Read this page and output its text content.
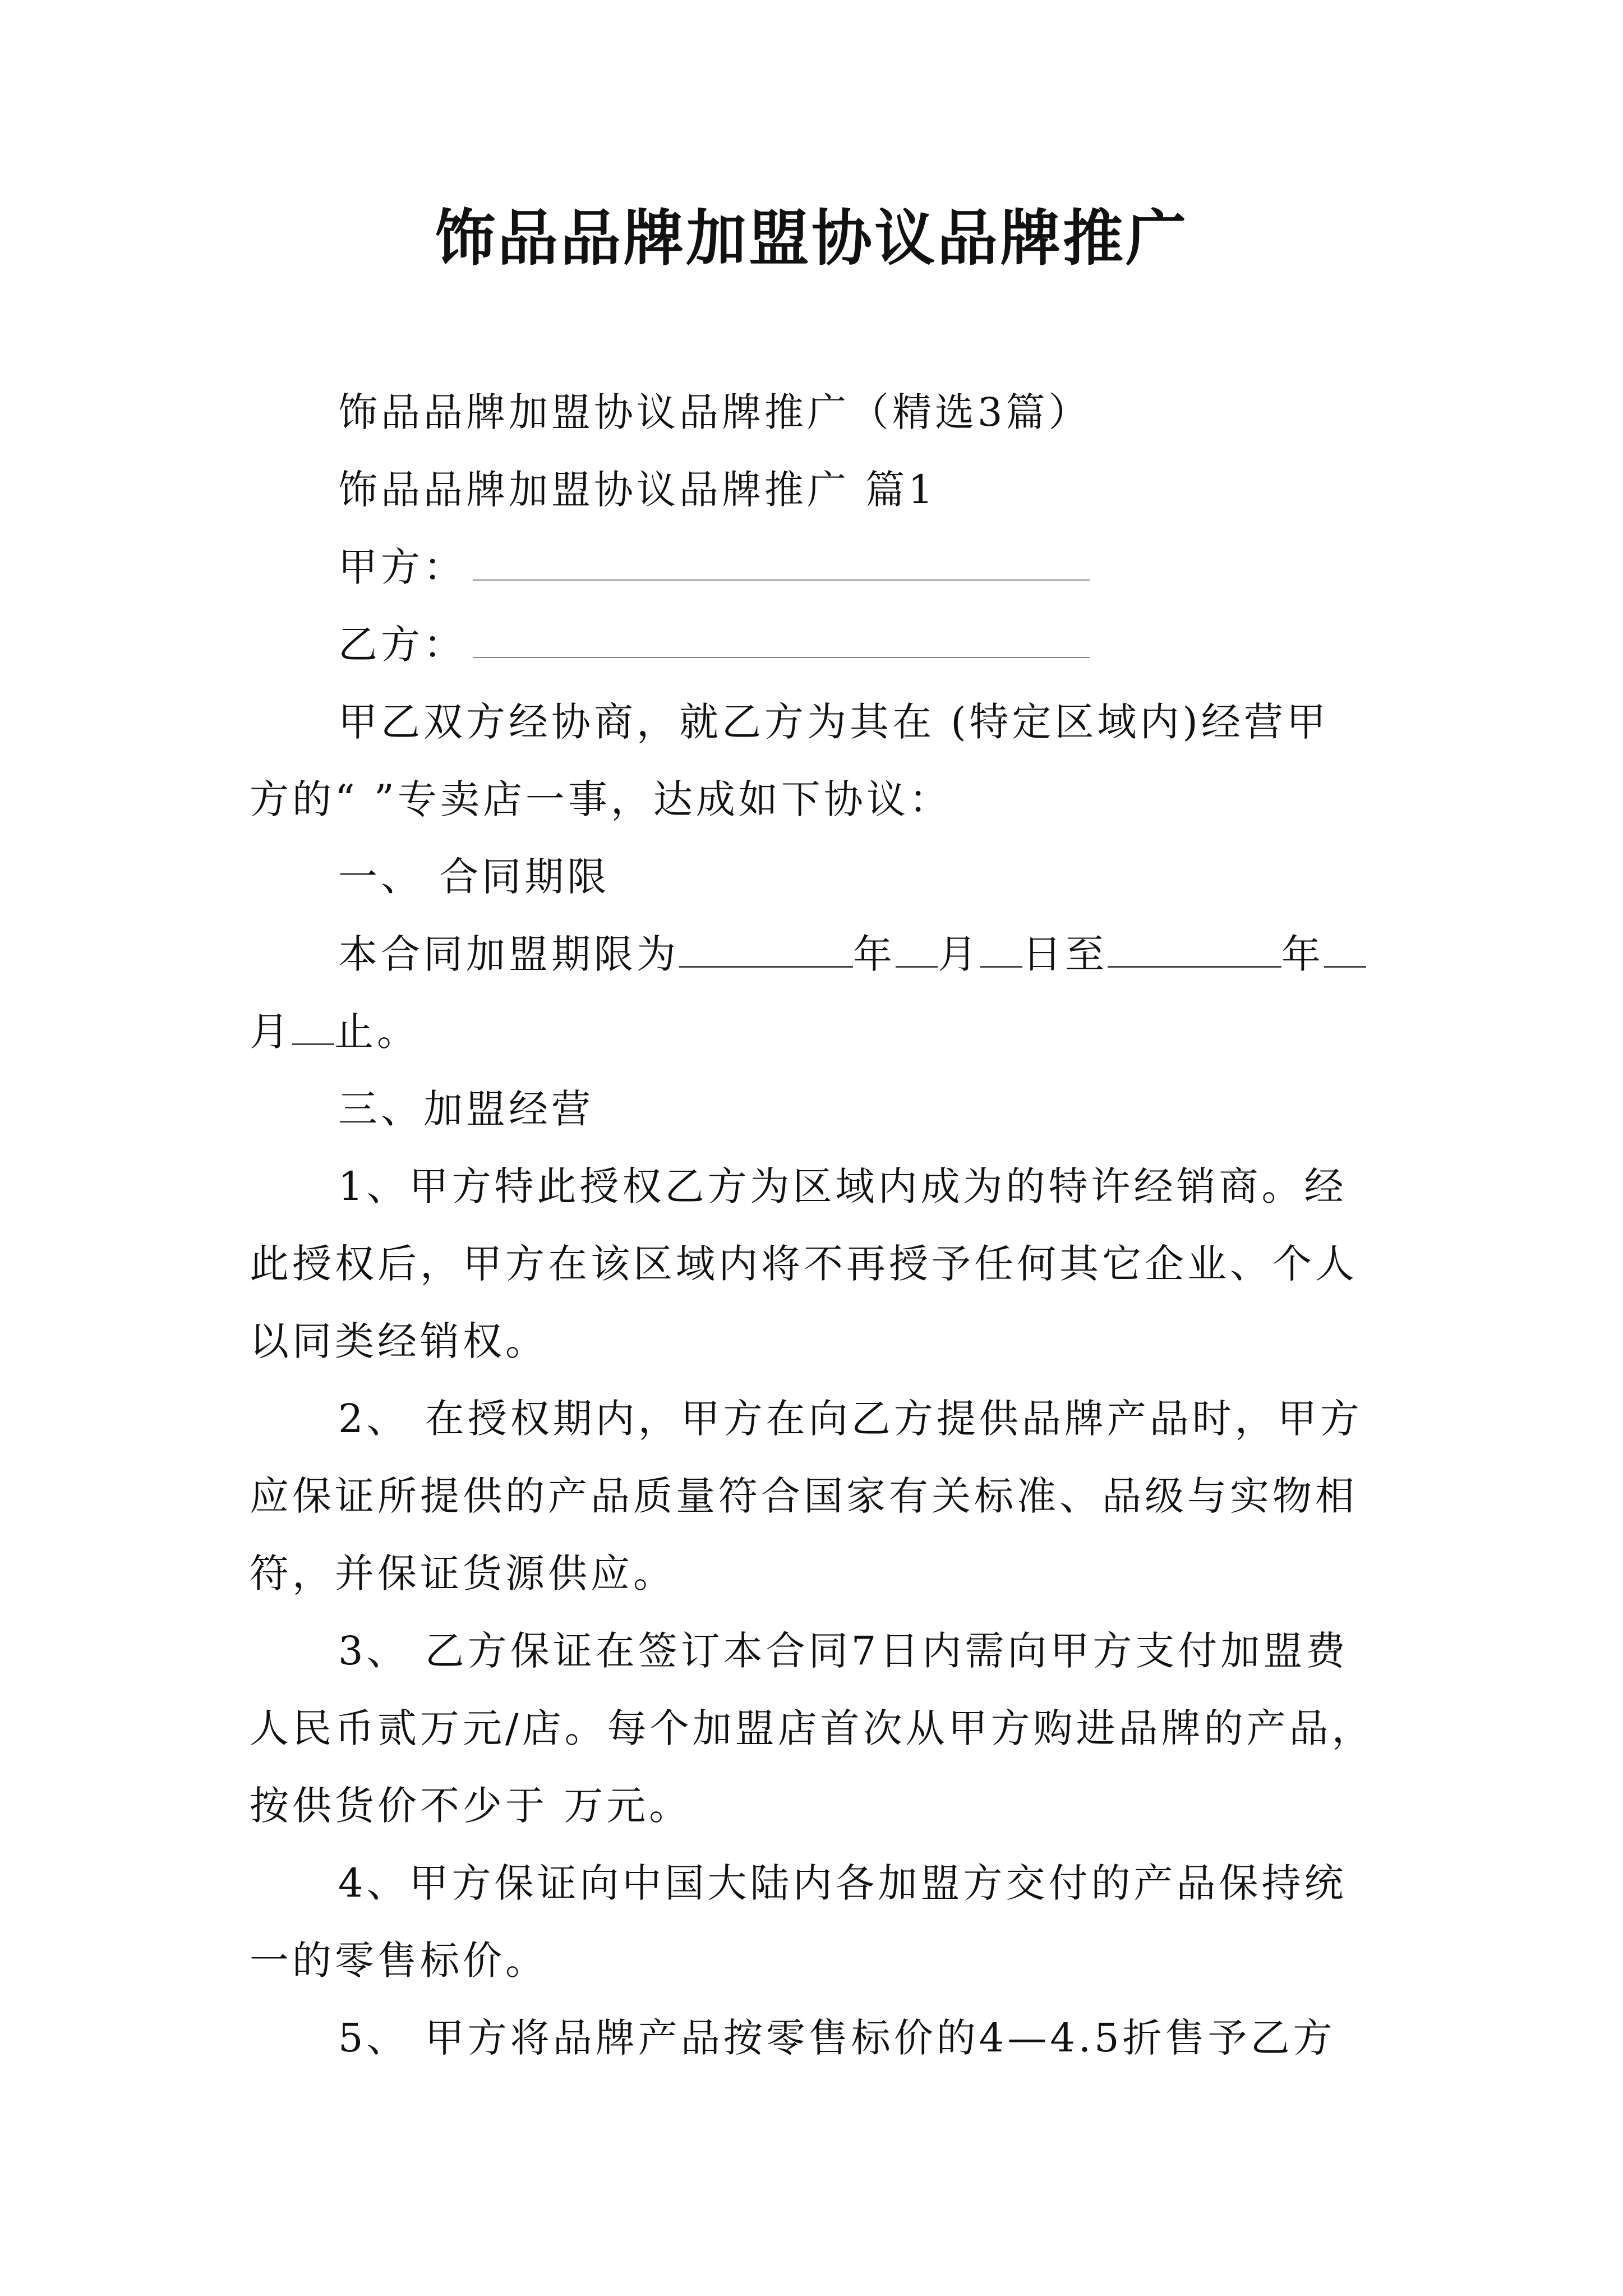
饰品品牌加盟协议品牌推广
饰品品牌加盟协议品牌推广（精选3篇）
饰品品牌加盟协议品牌推广 篇1
甲方：
乙方：
甲乙双方经协商，就乙方为其在 (特定区域内)经营甲
方的“ ”专卖店一事，达成如下协议：
一、 合同期限
本合同加盟期限为	年 月 日至	年
月 止。
三、加盟经营
1、甲方特此授权乙方为区域内成为的特许经销商。经
此授权后，甲方在该区域内将不再授予任何其它企业、个人
以同类经销权。
2、 在授权期内，甲方在向乙方提供品牌产品时，甲方
应保证所提供的产品质量符合国家有关标准、品级与实物相
符，并保证货源供应。
3、 乙方保证在签订本合同7日内需向甲方支付加盟费
人民币贰万元/店。每个加盟店首次从甲方购进品牌的产品，
按供货价不少于 万元。
4、甲方保证向中国大陆内各加盟方交付的产品保持统
一的零售标价。
5、 甲方将品牌产品按零售标价的4—4.5折售予乙方
